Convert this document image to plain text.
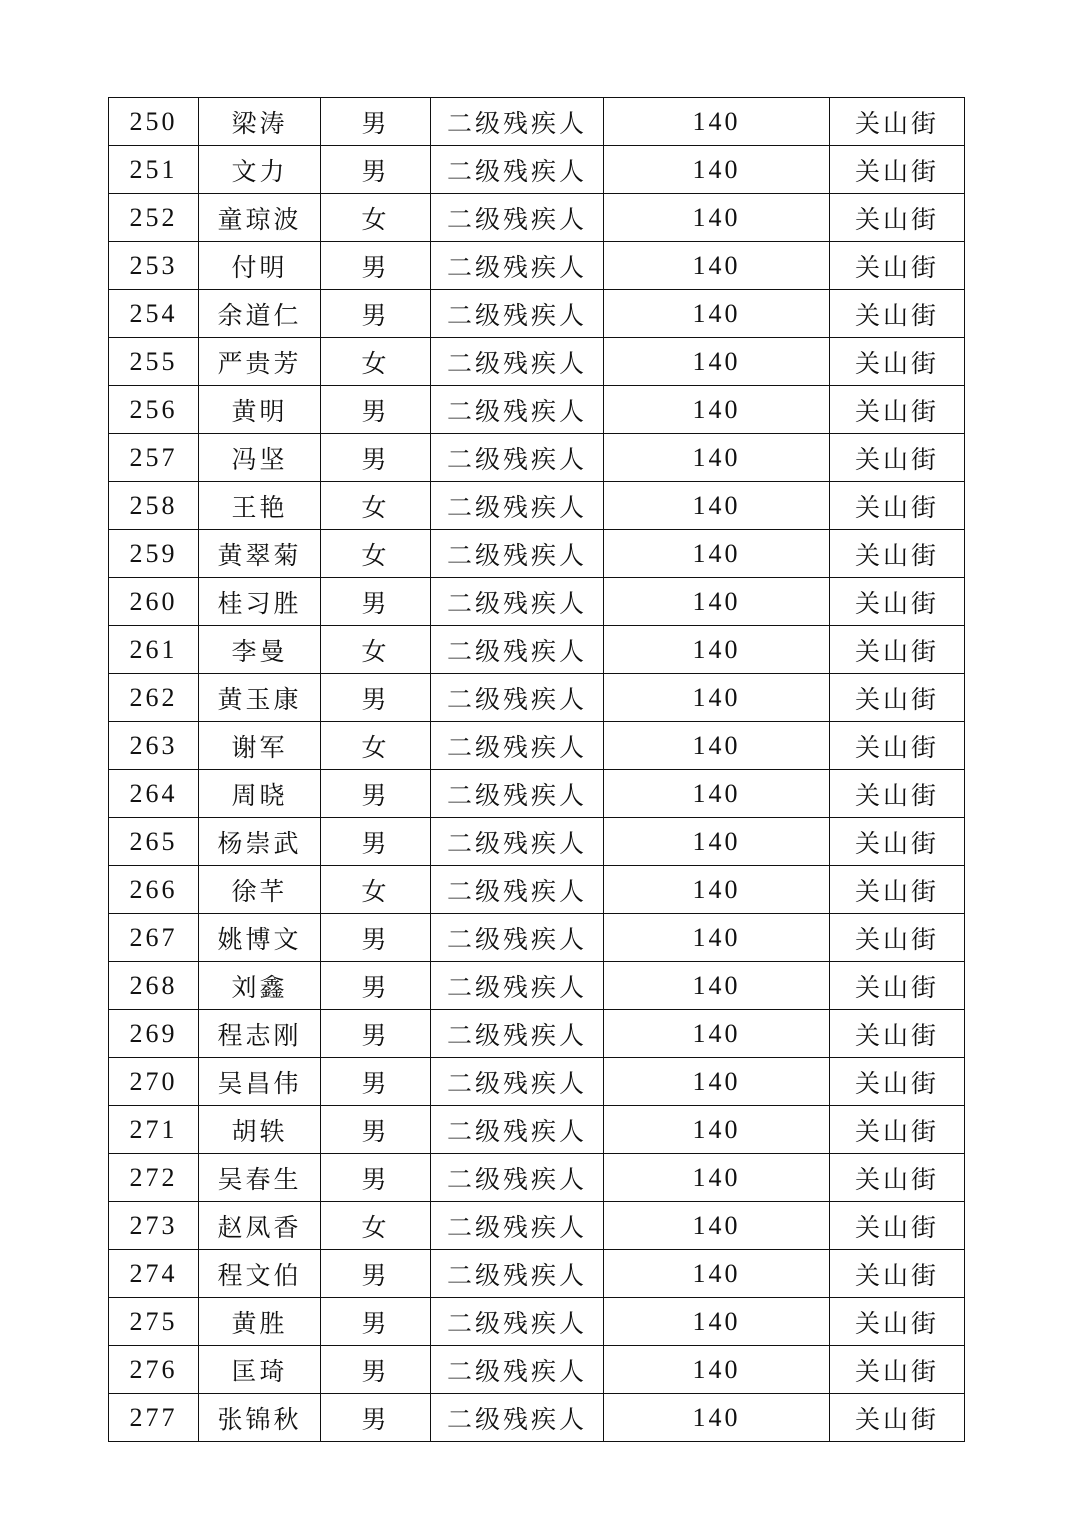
250	梁涛	男	二级残疾人	140	关山街
251	文力	男	二级残疾人	140	关山街
252	童琼波	女	二级残疾人	140	关山街
253	付明	男	二级残疾人	140	关山街
254	余道仁	男	二级残疾人	140	关山街
255	严贵芳	女	二级残疾人	140	关山街
256	黄明	男	二级残疾人	140	关山街
257	冯坚	男	二级残疾人	140	关山街
258	王艳	女	二级残疾人	140	关山街
259	黄翠菊	女	二级残疾人	140	关山街
260	桂习胜	男	二级残疾人	140	关山街
261	李曼	女	二级残疾人	140	关山街
262	黄玉康	男	二级残疾人	140	关山街
263	谢军	女	二级残疾人	140	关山街
264	周晓	男	二级残疾人	140	关山街
265	杨崇武	男	二级残疾人	140	关山街
266	徐芊	女	二级残疾人	140	关山街
267	姚博文	男	二级残疾人	140	关山街
268	刘鑫	男	二级残疾人	140	关山街
269	程志刚	男	二级残疾人	140	关山街
270	吴昌伟	男	二级残疾人	140	关山街
271	胡轶	男	二级残疾人	140	关山街
272	吴春生	男	二级残疾人	140	关山街
273	赵凤香	女	二级残疾人	140	关山街
274	程文伯	男	二级残疾人	140	关山街
275	黄胜	男	二级残疾人	140	关山街
276	匡琦	男	二级残疾人	140	关山街
277	张锦秋	男	二级残疾人	140	关山街
